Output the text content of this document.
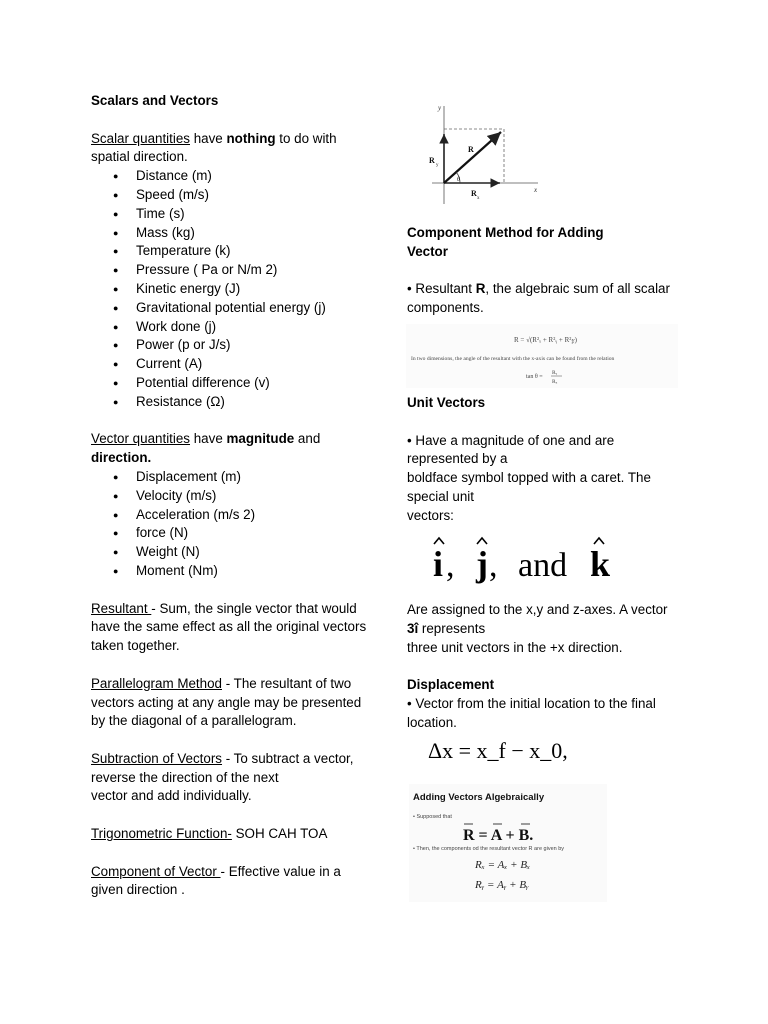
Scalars and Vectors

Scalar quantities have nothing to do with spatial direction.

● Distance (m)
● Speed (m/s)
● Time (s)
● Mass (kg)
● Temperature (k)
● Pressure ( Pa or N/m 2)
● Kinetic energy (J)
● Gravitational potential energy (j)
● Work done (j)
● Power (p or J/s)
● Current (A)
● Potential difference (v)
● Resistance (Ω)

Vector quantities have magnitude and direction.

● Displacement (m)
● Velocity (m/s)
● Acceleration (m/s 2)
● force (N)
● Weight (N)
● Moment (Nm)

Resultant - Sum, the single vector that would have the same effect as all the original vectors taken together.

Parallelogram Method - The resultant of two vectors acting at any angle may be presented by the diagonal of a parallelogram.

Subtraction of Vectors - To subtract a vector, reverse the direction of the next
vector and add individually.

Trigonometric Function- SOH CAH TOA

Component of Vector - Effective value in a given direction .

y
x
R
R
y
R
x
θ

Component Method for Adding
Vector

• Resultant R, the algebraic sum of all scalar components.

R = √(R²ₓ + R²ᵧ + R²𝓏)
In two dimensions, the angle of the resultant with the x-axis can be found from the relation
tan θ =
Rᵧ
Rₓ

Unit Vectors

• Have a magnitude of one and are
represented by a
boldface symbol topped with a caret. The
special unit
vectors:

i , j , and k

Are assigned to the x,y and z-axes. A vector
3î represents
three unit vectors in the +x direction.

Displacement

• Vector from the initial location to the final
location.

Δx = x_f − x_0,
Adding Vectors Algebraically
• Supposed that
R = A + B.
• Then, the components od the resultant vector R are given by
Rₓ = Aₓ + Bₓ
Rᵧ = Aᵧ + Bᵧ
